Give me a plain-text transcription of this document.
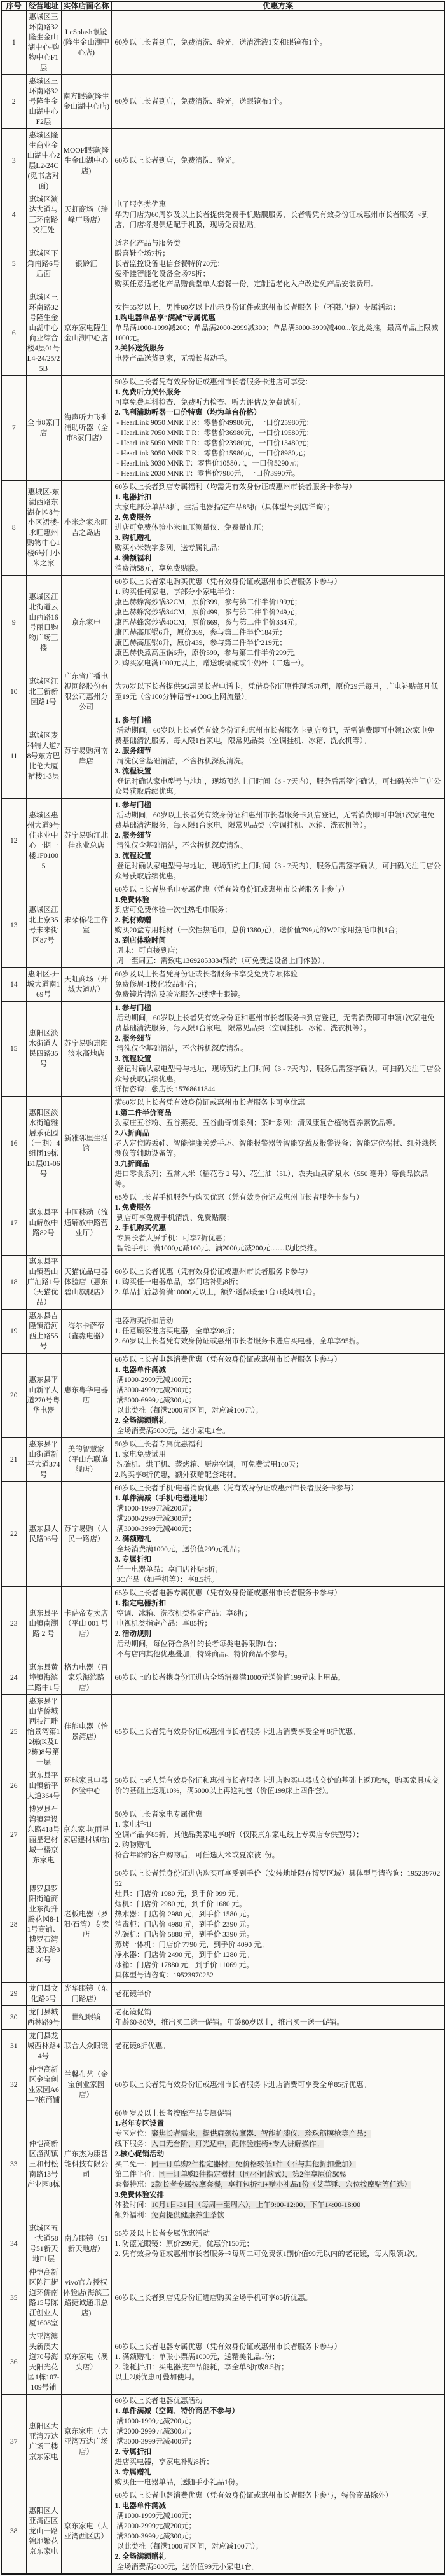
序号	经营地址	实体店面名称	优惠方案
1	惠城区三环南路32隆生金山湖中心-购物中心F1层	LeSplash眼镜(隆生金山湖中心店)	60岁以上长者到店，免费清洗、验光，送清洗液1支和眼镜布1个。

2	惠城区三环南路32号隆生金山湖中心F2层	南方眼镜(隆生金山湖中心店)	60岁以上长者到店，免费清洗、验光，送眼镜布1个。

3	惠城区隆生商业金山湖中心2层L2-24C(觅书店对面)	MOOF眼镜(隆生金山湖中心店)	60岁以上长者到店，免费清洗、验光。

4	惠城区演达大道与三环南路交汇处	天虹商场（瑞峰广场店）	电子服务类优惠
华为门店为60周岁及以上长者提供免费手机贴膜服务，长者需凭有效身份证或惠州市长者服务卡到店，门店将提供适配手机膜，现场免费粘贴。

5	惠城区下角南路6号后面	银龄汇	适老化产品与服务类
盼喜鞋全场7折；
长者监控设备电信套餐特价20元；
爱牵挂智能化设备全场75折；
购买任意适老化产品赠食堂单人套餐一份，定制适老化入户改造免产品安装费用。

6	惠城区三环南路32号隆生金山湖中心商业综合楼4层01号L4-24/25/25B	京东家电隆生金山湖中心店	女性55岁以上，男性60岁以上出示身份证件或惠州市长者服务卡（不限户籍）专属活动；
1.购电器单品享“满减”专属优惠
单品满1000-1999减200；单品满2000-2999减300；单品满3000-3999减400...依此类推，最高单品上限减1000元。
2.关怀送货服务
电器产品送货到家，无需长者动手。

7	全市8家门店	海声听力飞利浦助听器（全市8家门店）	
50岁以上长者凭有效身份证或惠州市长者服务卡进店可享受：
1. 免费听力关怀服务
可享免费耳科检查、免费听力检查、听力评估及免费试听；
2. 飞利浦助听器一口价特惠（均为单台价格）
- HearLink 9050 MNR T R：零售价49980元，一口价25980元；
- HearLink 7050 MNR T R：零售价36980元，一口价19580元；
- HearLink 5050 MNR T R：零售价23980元，一口价13480元；
- HearLink 3050 MNR T R：零售价15980元，一口价8980元；
- HearLink 3030 MNR T：零售价10580元，一口价5290元；
- HearLink 2030 MNR T：零售价7980元，一口价3990元。

8	惠城区-东湖西路东湖花园8号小区裙楼-永旺惠州购物中心1楼6号门小米之家	小米之家永旺吉之岛店	
60岁以上长者到店专属福利（均需凭有效身份证或惠州市长者服务卡参与）
1. 电器折扣
大家电部分单品8折，生活电器指定产品85折（具体型号到店详询）；
2. 免费服务
进店可免费体验小米血压测量仪、免费量血压；
3. 购机赠礼
购买小米数字系列，送专属礼品；
4. 满额福利
消费满58元，享免费贴膜。

9	惠城区江北街道云山西路16号丽日购物广场三楼	京东家电	
60岁以上长者家电购买优惠（凭有效身份证或惠州市长者服务卡参与）
1. 购买任何家电，享部分小家电半价：
康巴赫蜂窝炒锅32CM，原价399，参与第二件半价199元；
康巴赫蜂窝炒锅34CM，原价499，参与第二件半价249元；
康巴赫蜂窝炒锅40CM，原价669，参与第二件半价334元；
康巴赫高压锅6升，原价369，参与第二件半价184元；
康巴赫高压锅8升，原价439，参与第二件半价219元；
康巴赫快煮高压锅6升，原价599，参与第二件半价299元。
2. 购买家电满1000元以上，赠送玻璃碗或牛奶杯（二选一）。

10	惠城区江北三新新园路1号	广东省广播电视网络股份有限公司惠州分公司	为70岁以下长者提供5G惠民长者电话卡，凭借身份证原件现场办理，原价29元每月，广电补贴每月低至19元（含100分钟语音+100G上网流量）。

11	惠城区麦科特大道78号东方巴比伦大厦裙楼1-3层	苏宁易购河南岸店	
1. 参与门槛
活动期间，60岁以上长者凭有效身份证和惠州市长者服务卡到店登记，无需消费即可申领1次家电免费基础清洗服务，每人限1台家电，限常见品类（空调挂机、冰箱、洗衣机等）。
2. 服务细节
清洗仅含基础清洁，不含拆机深度清洗。
3. 流程设置
登记时确认家电型号与地址，现场预约上门时间（3 - 7天内），服务后需签字确认，可扫码关注门店公众号获取后续优惠。

12	惠城区惠州大道9号佳兆业中心一期一楼1F01005	苏宁易购江北佳兆业总店	
1. 参与门槛
活动期间，60岁以上长者凭有效身份证和惠州市长者服务卡到店登记，无需消费即可申领1次家电免费基础清洗服务，每人限1台家电，限常见品类（空调挂机、冰箱、洗衣机等）。
2. 服务细节
清洗仅含基础清洁，不含拆机深度清洗。
3. 流程设置
登记时确认家电型号与地址，现场预约上门时间（3 - 7天内），服务后需签字确认，可扫码关注门店公众号获取后续优惠。

13	惠城区江北上寮35号未来街区87号	未朵棉花工作室	
60岁以上长者热毛巾专属优惠（凭有效身份证或惠州市长者服务卡参与）
1.免费体验
到店可免费体验一次性热毛巾服务；
2. 耗材购赠
购买20盒专用耗材（一次性热毛巾，总价1380元），送价值799元的W2J家用热毛巾机1台；
3. 到店体验时间
周末：可直接到店；
周一至周五：需致电13692853334预约（可免费送设备上门体验）。

14	惠阳区-开城大道南169号	天虹商场（开城大道店）	60岁及以上长者凭身份证或长者服务卡享受免费专项体验
免费修眉-1楼化妆品柜台；
免费镜片清洗及验光服务-2楼博士眼镜。

15	惠阳区淡水街道人民四路35号	苏宁易购惠阳淡水高地店	
1. 参与门槛
活动期间，60岁以上长者凭有效身份证和惠州市长者服务卡到店登记，无需消费即可申领1次家电免费基础清洗服务，每人限1台家电，限常见品类（空调挂机、冰箱、洗衣机等）。
2. 服务细节
清洗仅含基础清洁，不含拆机深度清洗。
3. 流程设置
登记时确认家电型号与地址，现场预约上门时间（3 - 7天内），服务后需签字确认，可扫码关注门店公众号获取后续优惠。
详情咨询：张店长 15768611844

16	惠阳区淡水街道雅居乐花园（一期）4组团19栋B1层01-06号	新雅邻里生活馆	
满60岁以上长者凭有效身份证或惠州市长者服务卡可享优惠
1.第二件半价商品
劲家庄五谷粉、五谷燕麦、五谷曲奇饼系列；茶叶系列；清风康复合植物营养素饮品等。
2.八折商品
老人定位防丢鞋、智能健康关爱手环、智能报警器等智能穿戴及报警设备；智能定位拐杖、红外线探测仪等辅助设备等。
3.九折商品
进口零食系列；五常大米（稻花香 2 号）、花生油（5L）、农夫山泉矿泉水（550 毫升）等食品饮品等。

17	惠东县平山解放中路82号	中国移动（流通解放中路营业厅）	
65岁以上长者手机服务与购买优惠（凭有效身份证或惠州市长者服务卡参与）
1. 免费服务
到店可享免费手机清洗、免费贴膜；
2. 手机购买优惠
专属长者大屏手机：可享7折优惠；
智能手机：满1000元减100元、满2000元减200元……以此类推。

18	惠东县平山镇碧山广汕路1号（天猫优品）	天猫优品电器体验店（惠东碧山旗舰店）	60岁以上长者优惠（凭有效身份证或惠州市长者服务卡参与）
1. 购买任一电器单品，享门店补贴8折；
2. 单品折后总价满10000元以上，额外送保暖壶1台+暖风机1台。

19	惠东县吉隆镇沿河西上路55号	海尔卡萨帝（鑫淼电器）	电器购买折扣活动
1. 任意顾客进店买电器，全单享98折；
2. 60岁以上长者凭有效身份证或惠州市长者服务卡进店买电器，全单享95折。

20	惠东县平山新平大道270号粤华电器	惠东粤华电器店	
60岁以上长者电器消费优惠（凭有效身份证或惠州市长者服务卡参与）
1. 电器单件满减
满1000-2999元减100元；
满3000-4999元减200元；
满5000-6999元减300元；
以此类推（每满2000元区间，对应减100元）；
2. 全场满额赠礼
全场消费满5000元，送小家电1台。

21	惠东县平山街道新平大道374号	美的智慧家（平山东联旗舰店）	50岁以上长者专属优惠福利
1. 家电免费试用
洗碗机、烘干机、蒸烤箱、厨房空调，可免费试用100天；
2.购买享8折优惠，额外获赠配套耗材。

22	惠东县人民路96号	苏宁易购（人民一路店）	
60岁以上长者手机/电器消费优惠（凭有效身份证或惠州市长者服务卡参与）
1. 单件满减（手机/电器通用）
满1000-1999元减200元；
满2000-2999元减300元；
满3000-3999元减400元；
2. 满额赠礼
全场消费满1000元，送价值299元礼品；
3. 专属折扣
任一电器单品：享门店补贴8折；
3C产品（如手机等）：享8.5折。

23	惠东县平山镇南湖路 2 号	卡萨帝专卖店（平山 001 号店）	
65岁以上长者电器专属优惠（凭有效身份证或惠州市长者服务卡参与）
1. 指定电器折扣
空调、冰箱、洗衣机类指定产品：享8折；
电视机类指定产品：享85折；
2. 活动规则
活动期间，每位符合条件的长者每类电器限购1台；
不与店内其他优惠叠加，特殊商品、特价商品不参与。

24	惠东县黄埠镇海滨二路中1号	格力电器（百家乐海滨路店）	60岁以上的长者携身份证进店全场消费满1000元送价值199元床上用品。

25	惠东县平山华侨城西枝江畔怡景湾第12栋(K及L2栋)8号第一层	佳能电器（怡景湾店）	65岁以上长者凭有效身份证或惠州市长者服务卡进店消费享受全单8折优惠。

26	惠东县平山镇新平大道364号	环球家具电器体验中心	50岁以上老人凭有效身份证和惠州市长者服务卡进店购买电器成交价的基础上返现5%，购买家具成交价的基础上返现10%，满5000以上再送礼包（价值199床上四件套）。

27	博罗县石湾镇建设东路418号丽星建材城一楼京东家电	京东家电(丽星家居建材城店)	50岁以上长者家电专属优惠
1. 家电折扣
空调产品享85折，其他品类家电享8折（仅限京东家电线上专卖店专供型号）；
2. 购物赠礼
符合年龄的客户购物后，可任选大米或夏凉被1份。

28	博罗县罗阳街道商业东街升腾花园8-11号商铺、博罗石湾建设东路380号	老板电器（罗阳/石湾）专卖店	
50岁以上长者凭身份证进店购买可享受到手价（安装地址限在博罗区域）具体型号请咨询：19523970252
灶具：门店价 1980 元，到手价 999 元。
烟机：门店价 2980 元，到手价 1680 元。
热水器：门店价 2980 元，到手价 1580 元。
消毒柜：门店价 4980 元，到手价 2390 元。
洗碗机：门店价 5880 元，到手价 3390 元。
蒸烤一体机：门店价 7790 元，到手价 4090 元。
净水器：门店价 2490 元，到手价 1280 元。
冰箱：门店价 17880 元，到手价 11069 元。
具体型号请咨询：19523970252

29	龙门县文化路5号	光华眼镜（东门路店）	老花镜半价

30	龙门县城西林路9号	世纪眼镜	老花镜促销
年龄60-80岁，推出买二送一促销。年龄80岁以上，推出买一送一促销。

31	龙门县龙城西林路44号	联合大众眼镜	老花镜8折优惠。

32	仲恺高新区金宝创业家园A6—7栋商铺	兰馨布艺（金宝创业家园店）	60岁以上长者凭有效身份证或惠州市长者服务卡进店消费可享受全单85折优惠。

33	仲恺高新区潼湖镇三和村松南路13号产业园8栋	广东杰为康智能科技有限公司	
60周岁及以上长者按摩产品专属促销
1.老年专区设置
专区定位：聚焦长者需求，提供肩颈按摩器、智能护膝仪、珍珠筋膜枪等产品；
线下服务：入口无台阶、灯光适中，配体验座椅+专人讲解操作。
2.核心促销活动
买二免一：同一订单购2件指定器材，免价格较低1件（不与其他折扣叠加）
第二件半价：同一订单购2件指定器材（同/不同款式），第2件享原价50%
套餐特惠：2款长者专属按摩套餐，享打包折扣+赠小礼品1份（艾草锤、穴位按摩贴等任选）
3.免费体验安排
体验时间：10月1日-31日（每周一至周六），上午9:00-12:00、下午14:00-18:00
额外福利：免费提供健康养生茶饮

34	惠城区五一大道58号51新天地F1层	南方眼镜（51新天地店）	55岁及以上长者专属优惠活动
1. 防蓝光眼镜：原价299元，优惠价150元；
2. 凭有效身份证或惠州市长者服务卡每周二可免费领1副价值99元以内的老花镜，每人限领1次。

35	仲恺高新区陈江街道环侨南路15号陈江创业大厦1608室	vivo官方授权体验店(海滨三路捷诚通讯总店)	60岁以上长者到店凭身份证进店购买全场手机可享85折优惠。

36	大亚湾澳头新澳大道70号海天阳光花园1栋107-109号铺	京东家电（澳头店）	60岁以上长者电器专属优惠（凭有效身份证或惠州市长者服务卡参与）
1. 满额赠礼：单张小票满1000元，送精美礼品1份；
2. 能耗折扣：买电器按产品能耗，享全单8折或8.5折；
以上2项优惠可叠加使用。

37	惠阳区大亚湾万达广场三楼京东家电	京东家电（大亚湾万达广场店）	
60岁以上长者电器优惠活动
1. 单件满减（空调、特价商品不参与）
满1000-1999元减200元；
满2000-2999元减300元；
满3000-3999元减400元；
2. 专属折扣
进店买电器，享家电补贴8折；
3. 专属赠礼
购买任一电器单品，送随手小礼品1份。

38	惠阳区大亚湾西区龙山一路锦地繁花京东家电	京东家电（大亚湾西区店）	
60岁以上长者电器消费优惠（凭有效身份证或惠州市长者服务卡参与，特价商品除外）
1. 电器单件满减
满1000-1999元减100元；
满2000-2999元减200元；
满3000-3999元减300元；
以此类推（每满1000元区间，对应减100元）；
2. 全场满额赠礼
全场消费满5000元，送价值99元小家电1台。
